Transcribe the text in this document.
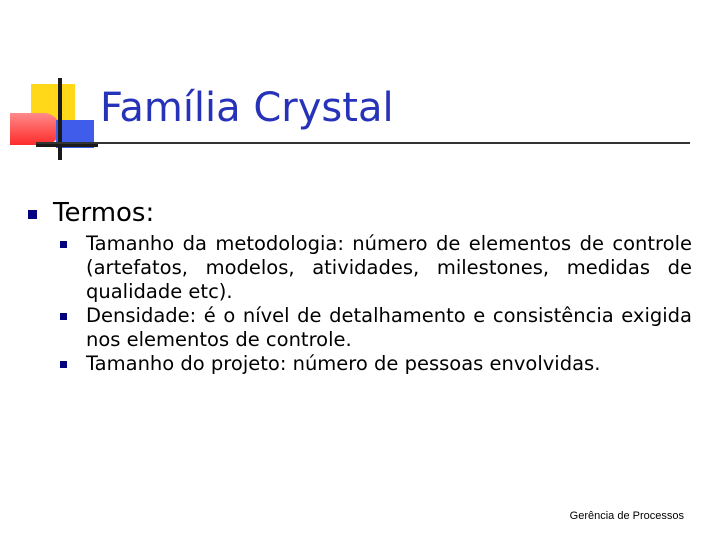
Família Crystal
Termos:
Tamanho da metodologia: número de elementos de controle (artefatos, modelos, atividades, milestones, medidas de qualidade etc).
Densidade: é o nível de detalhamento e consistência exigida nos elementos de controle.
Tamanho do projeto: número de pessoas envolvidas.
Gerência de Processos
